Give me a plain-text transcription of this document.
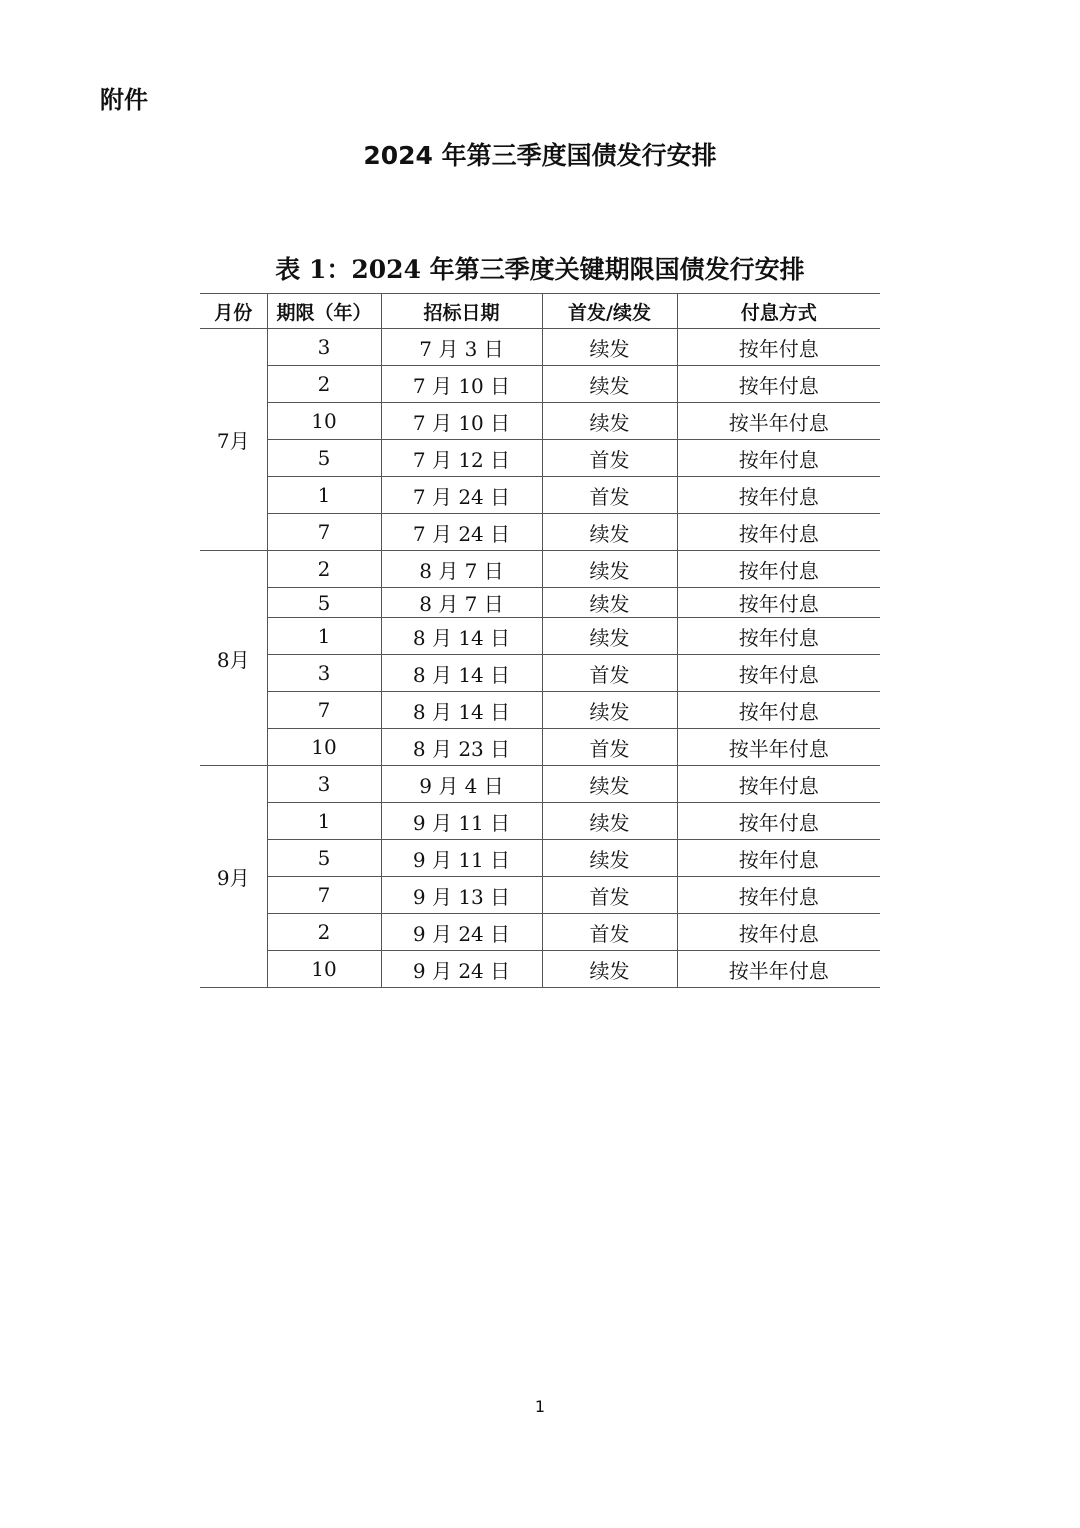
附件
2024 年第三季度国债发行安排
表 1：2024 年第三季度关键期限国债发行安排
月份	期限（年）	招标日期	首发/续发	付息方式
7月	3	7 月 3 日	续发	按年付息
	2	7 月 10 日	续发	按年付息
	10	7 月 10 日	续发	按半年付息
	5	7 月 12 日	首发	按年付息
	1	7 月 24 日	首发	按年付息
	7	7 月 24 日	续发	按年付息
8月	2	8 月 7 日	续发	按年付息
	5	8 月 7 日	续发	按年付息
	1	8 月 14 日	续发	按年付息
	3	8 月 14 日	首发	按年付息
	7	8 月 14 日	续发	按年付息
	10	8 月 23 日	首发	按半年付息
9月	3	9 月 4 日	续发	按年付息
	1	9 月 11 日	续发	按年付息
	5	9 月 11 日	续发	按年付息
	7	9 月 13 日	首发	按年付息
	2	9 月 24 日	首发	按年付息
	10	9 月 24 日	续发	按半年付息
1
